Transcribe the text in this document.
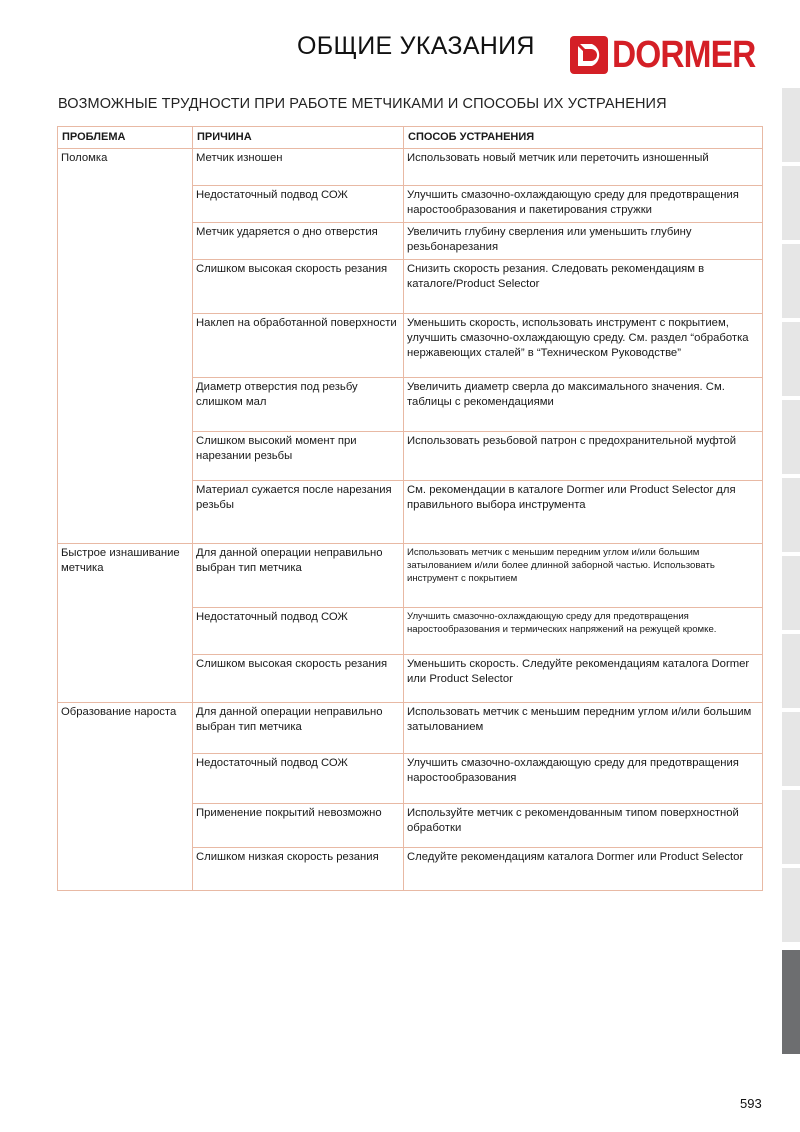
ОБЩИЕ УКАЗАНИЯ DORMER
ВОЗМОЖНЫЕ ТРУДНОСТИ ПРИ РАБОТЕ МЕТЧИКАМИ И СПОСОБЫ ИХ УСТРАНЕНИЯ
ПРОБЛЕМА	ПРИЧИНА	СПОСОБ УСТРАНЕНИЯ
Поломка	Метчик изношен	Использовать новый метчик или переточить изношенный
	Недостаточный подвод СОЖ	Улучшить смазочно-охлаждающую среду для предотвращения наростообразования и пакетирования стружки
	Метчик ударяется о дно отверстия	Увеличить глубину сверления или уменьшить глубину резьбонарезания
	Слишком высокая скорость резания	Снизить скорость резания. Следовать рекомендациям в каталоге/Product Selector
	Наклеп на обработанной поверхности	Уменьшить скорость, использовать инструмент с покрытием, улучшить смазочно-охлаждающую среду. См. раздел “обработка нержавеющих сталей” в “Техническом Руководстве”
	Диаметр отверстия под резьбу слишком мал	Увеличить диаметр сверла до максимального значения. См. таблицы с рекомендациями
	Слишком высокий момент при нарезании резьбы	Использовать резьбовой патрон с предохранительной муфтой
	Материал сужается после нарезания резьбы	См. рекомендации в каталоге Dormer или Product Selector для правильного выбора инструмента
Быстрое изнашивание метчика	Для данной операции неправильно выбран тип метчика	Использовать метчик с меньшим передним углом и/или большим затылованием и/или более длинной заборной частью. Использовать инструмент с покрытием
	Недостаточный подвод СОЖ	Улучшить смазочно-охлаждающую среду для предотвращения наростообразования и термических напряжений на режущей кромке.
	Слишком высокая скорость резания	Уменьшить скорость. Следуйте рекомендациям каталога Dormer или Product Selector
Образование нароста	Для данной операции неправильно выбран тип метчика	Использовать метчик с меньшим передним углом и/или большим затылованием
	Недостаточный подвод СОЖ	Улучшить смазочно-охлаждающую среду для предотвращения наростообразования
	Применение покрытий невозможно	Используйте метчик с рекомендованным типом поверхностной обработки
	Слишком низкая скорость резания	Следуйте рекомендациям каталога Dormer или Product Selector
593
